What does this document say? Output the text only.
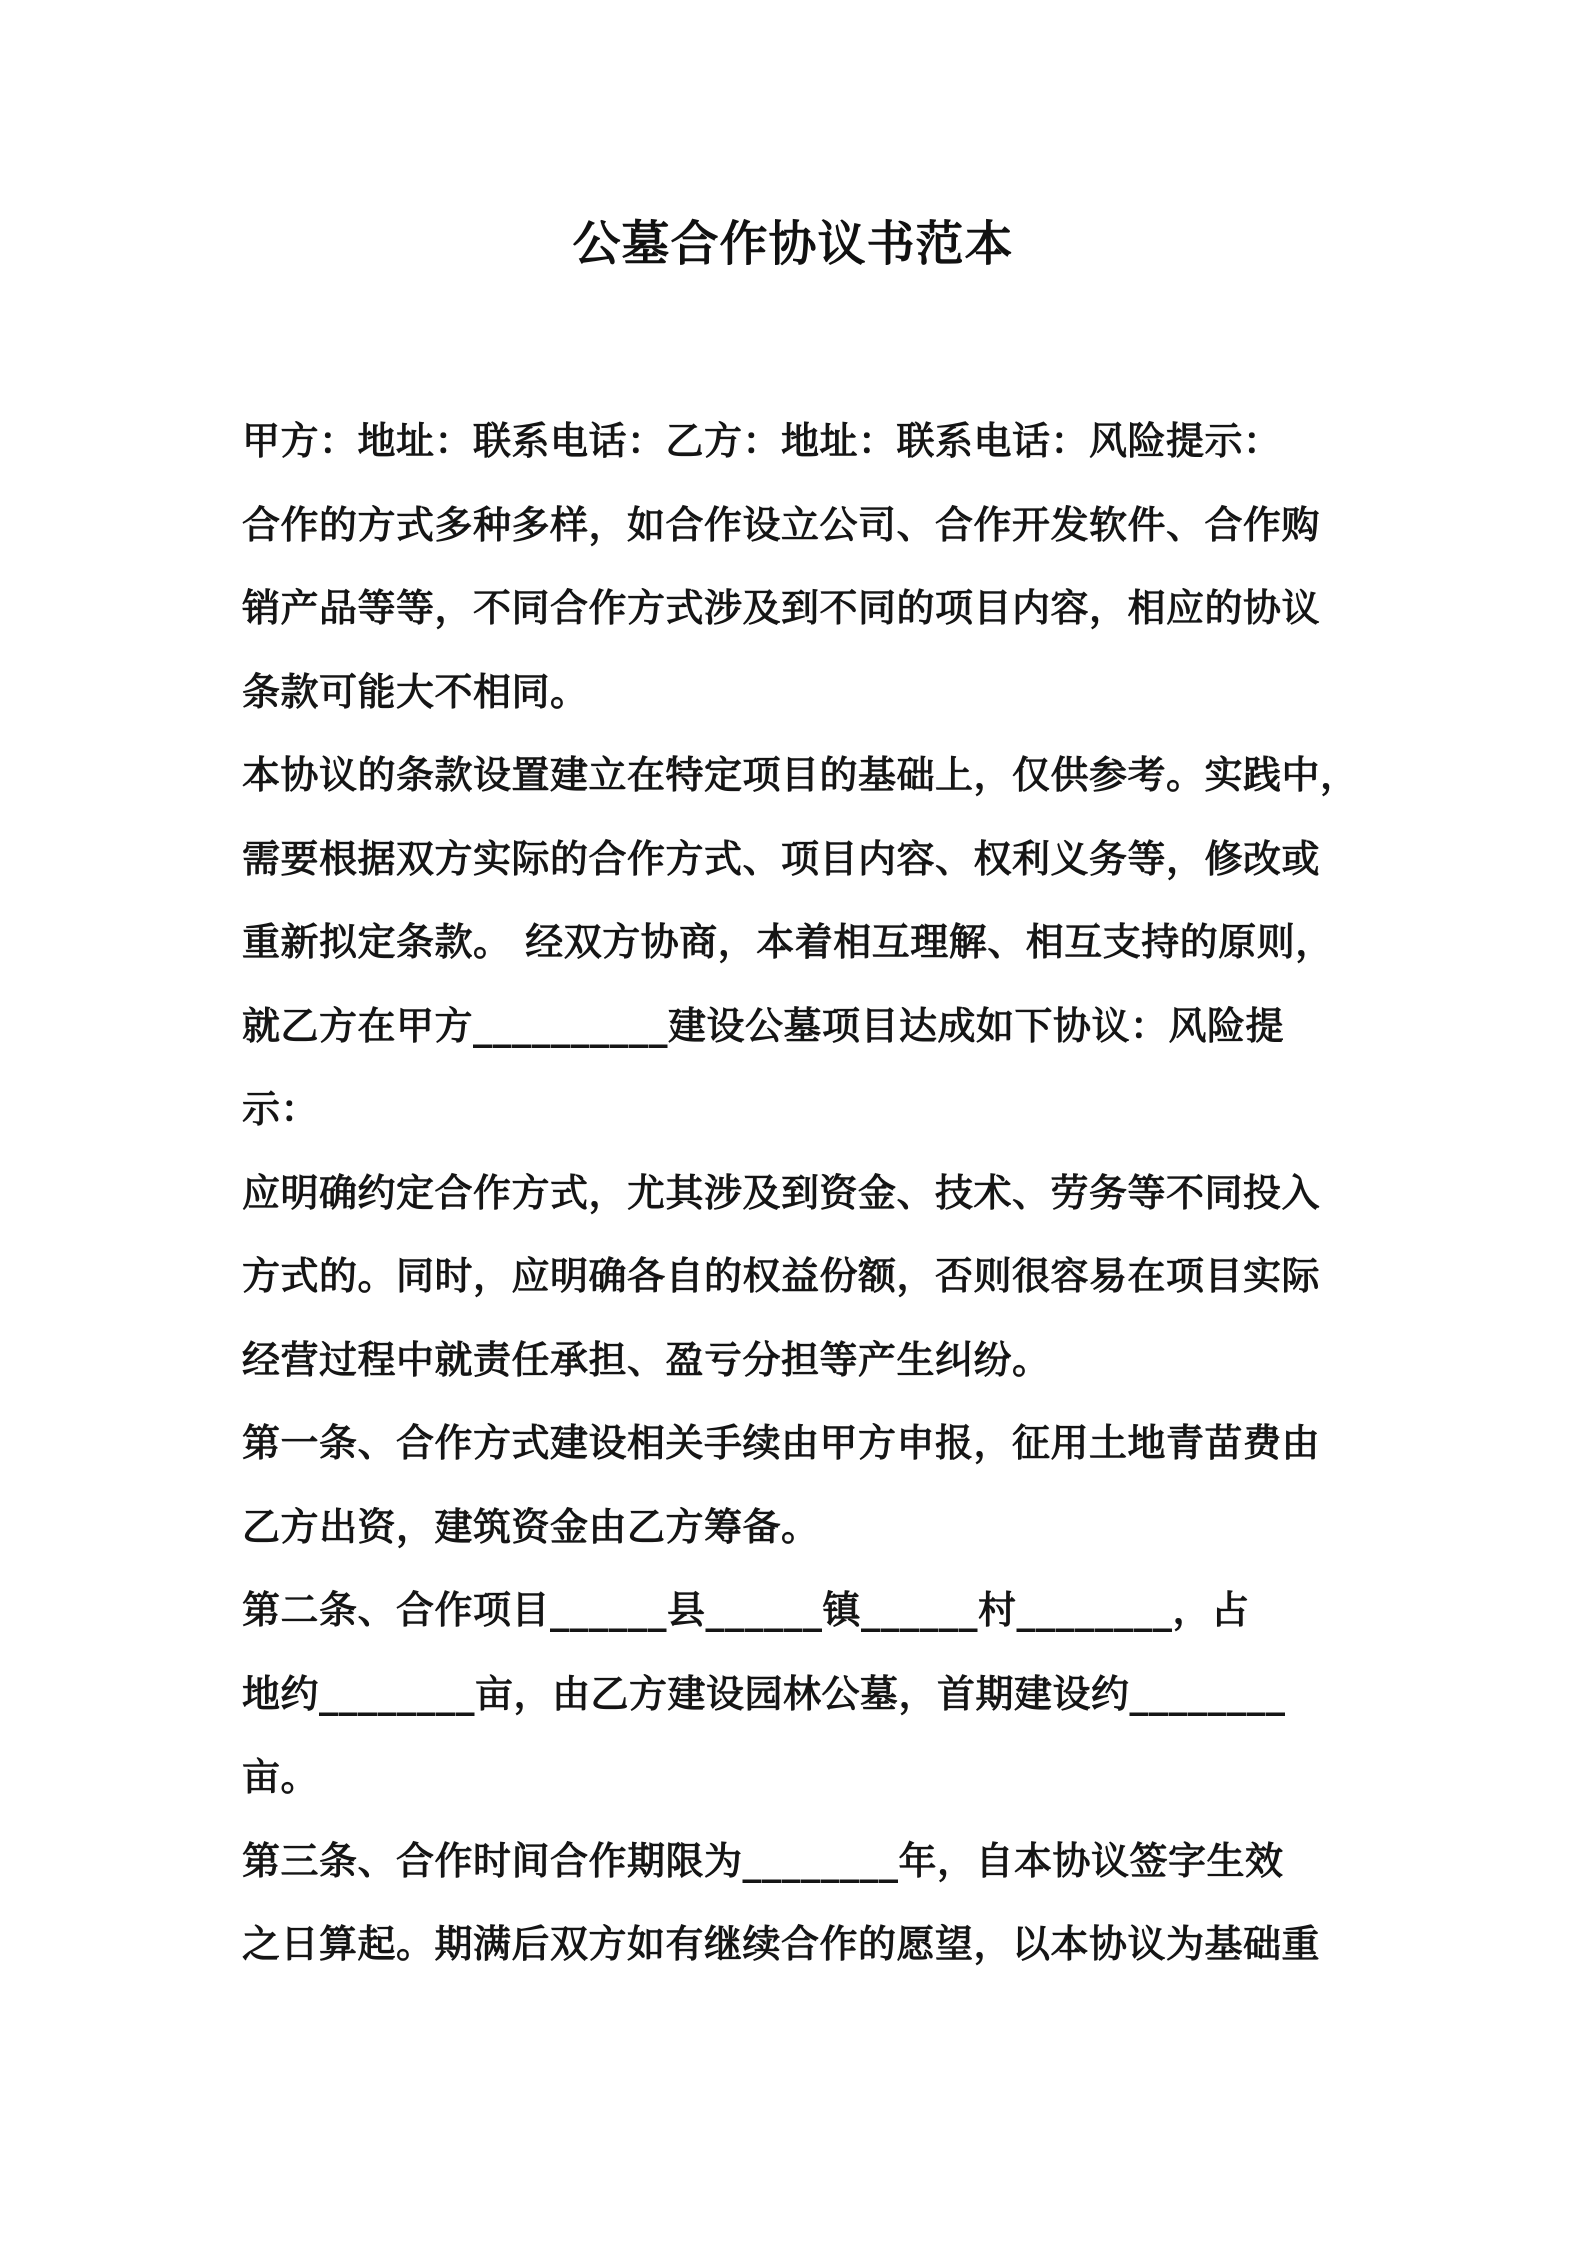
公墓合作协议书范本
甲方：地址：联系电话：乙方：地址：联系电话：风险提示：
合作的方式多种多样，如合作设立公司、合作开发软件、合作购
销产品等等，不同合作方式涉及到不同的项目内容，相应的协议
条款可能大不相同。
本协议的条款设置建立在特定项目的基础上，仅供参考。实践中，
需要根据双方实际的合作方式、项目内容、权利义务等，修改或
重新拟定条款。 经双方协商，本着相互理解、相互支持的原则，
就乙方在甲方__________建设公墓项目达成如下协议：风险提
示：
应明确约定合作方式，尤其涉及到资金、技术、劳务等不同投入
方式的。同时，应明确各自的权益份额，否则很容易在项目实际
经营过程中就责任承担、盈亏分担等产生纠纷。
第一条、合作方式建设相关手续由甲方申报，征用土地青苗费由
乙方出资，建筑资金由乙方筹备。
第二条、合作项目______县______镇______村________，占
地约________亩，由乙方建设园林公墓，首期建设约________
亩。
第三条、合作时间合作期限为________年，自本协议签字生效
之日算起。期满后双方如有继续合作的愿望，以本协议为基础重
